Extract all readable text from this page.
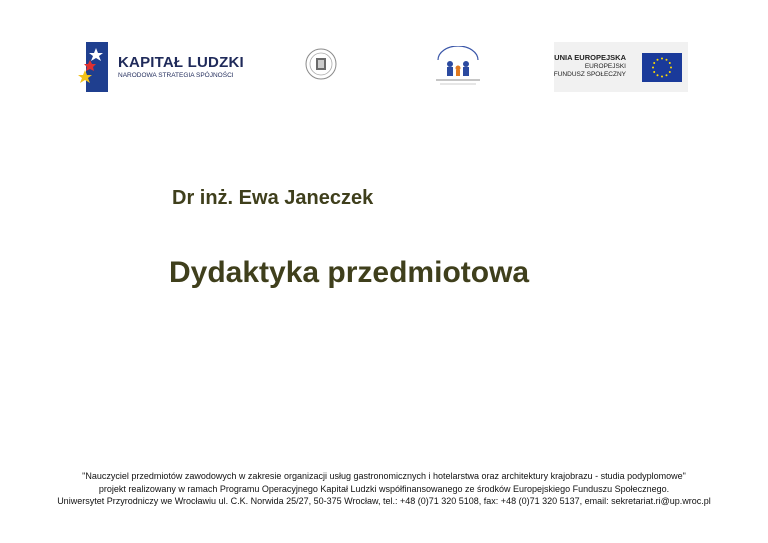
KAPITAŁ LUDZKI
NARODOWA STRATEGIA SPÓJNOŚCI
UNIA EUROPEJSKA
EUROPEJSKI
FUNDUSZ SPOŁECZNY
Dr inż. Ewa Janeczek
Dydaktyka przedmiotowa
"Nauczyciel przedmiotów zawodowych w zakresie organizacji usług gastronomicznych i hotelarstwa oraz architektury krajobrazu - studia podyplomowe"
projekt realizowany w ramach Programu Operacyjnego Kapitał Ludzki współfinansowanego ze środków Europejskiego Funduszu Społecznego.
Uniwersytet Przyrodniczy we Wrocławiu ul. C.K. Norwida 25/27, 50-375 Wrocław, tel.: +48 (0)71 320 5108, fax: +48 (0)71 320 5137, email: sekretariat.ri@up.wroc.pl
